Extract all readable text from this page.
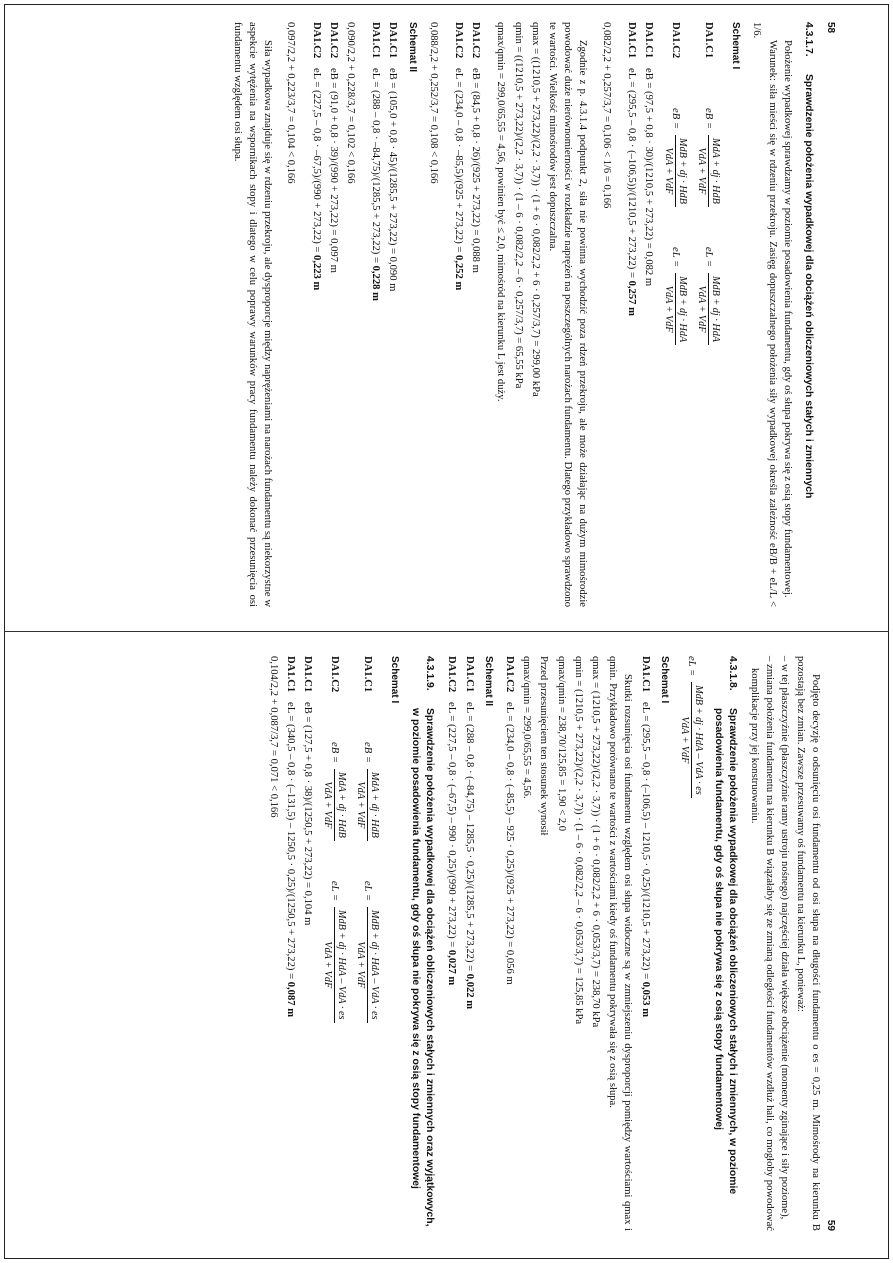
58
4.3.1.7.
Sprawdzenie położenia wypadkowej dla obciążeń obliczeniowych stałych i zmiennych

Położenie wypadkowej sprawdzamy w poziomie posadowienia fundamentu, gdy oś słupa pokrywa się z osią stopy fundamentowej.

Warunek: siła mieści się w rdzeniu przekroju. Zasięg dopuszczalnego położenia siły wypadkowej określa zależność eB/B + eL/L < 1/6.

Schemat I
DA1.C1
eB =
MdA + dj · HdB
VdA + VdF
eL =
MdB + dj · HdA
VdA + VdF
DA1.C2
eB =
MdB + dj · HdB
VdA + VdF
eL =
MdB + dj · HdA
VdA + VdF
DA1.C1eB = (97,5 + 0,8 · 30)/(1210,5 + 273,22) = 0,082 m
DA1.C1eL = (295,5 – 0,8 · (–106,5))/(1210,5 + 273,22) = 0,257 m
0,082/2,2 + 0,257/3,7 = 0,106 < 1/6 = 0,166

Zgodnie z p. 4.3.1.4 podpunkt 2, siła nie powinna wychodzić poza rdzeń przekroju, ale może działając na dużym mimośrodzie powodować duże nierównomierności w rozkładzie naprężeń na poszczególnych narożach fundamentu. Dlatego przykładowo sprawdzono te wartości. Wielkość mimośrodów jest dopuszczalna.

qmax = ((1210,5 + 273,22)/(2,2 · 3,7)) · (1 + 6 · 0,082/2,2 + 6 · 0,257/3,7) = 299,00 kPa
qmin = ((1210,5 + 273,22)/(2,2 · 3,7)) · (1 – 6 · 0,082/2,2 – 6 · 0,257/3,7) = 65,55 kPa
qmax/qmin = 299,0/65,55 = 4,56, powinien być ≤ 2,0, mimośród na kierunku L jest duży.
DA1.C2eB = (84,5 + 0,8 · 26)/(925 + 273,22) = 0,088 m
DA1.C2eL = (234,0 – 0,8 · –85,5)/(925 + 273,22) = 0,252 m
0,088/2,2 + 0,252/3,7 = 0,108 < 0,166
Schemat II
DA1.C1eB = (105,0 + 0,8 · 45)/(1285,5 + 273,22) = 0,090 m
DA1.C1eL = (288 – 0,8 · –84,75)/(1285,5 + 273,22) = 0,228 m
0,090/2,2 + 0,228/3,7 = 0,102 < 0,166
DA1.C2eB = (91,0 + 0,8 · 39)/(990 + 273,22) = 0,097 m
DA1.C2eL = (227,5 – 0,8 · –67,5)/(990 + 273,22) = 0,223 m
0,097/2,2 + 0,223/3,7 = 0,104 < 0,166

Siła wypadkowa znajduje się w rdzeniu przekroju, ale dysproporcje między naprężeniami na narożach fundamentu są niekorzystne w aspekcie wytężenia na wspornikach stopy i dlatego w celu poprawy warunków pracy fundamentu należy dokonać przesunięcia osi fundamentu względem osi słupa.

59

Podjęto decyzję o odsunięciu osi fundamentu od osi słupa na długości fundamentu o es = 0,25 m. Mimośrody na kierunku B pozostają bez zmian. Zawsze przesuwamy oś fundamentu na kierunku L, ponieważ:

– w tej płaszczyźnie (płaszczyźnie ramy ustroju nośnego) najczęściej działa większe obciążenie (momenty zginające i siły poziome),
– zmiana położenia fundamentu na kierunku B wiązałaby się ze zmianą odległości fundamentów wzdłuż hali, co mogłoby powodować komplikacje przy jej konstruowaniu.
4.3.1.8.
Sprawdzenie położenia wypadkowej dla obciążeń obliczeniowych stałych i zmiennych, w poziomie posadowienia fundamentu, gdy oś słupa nie pokrywa się z osią stopy fundamentowej
eL =
MdB + dj · HdA – VdA · es
VdA + VdF
Schemat I
DA1.C1eL = (295,5 – 0,8 · (–106,5) – 1210,5 · 0,25)/(1210,5 + 273,22) = 0,053 m

Skutki rozsunięcia osi fundamentu względem osi słupa widoczne są w zmniejszeniu dysproporcji pomiędzy wartościami qmax i qmin. Przykładowo porównano te wartości z wartościami kiedy oś fundamentu pokrywała się z osią słupa.

qmax = (1210,5 + 273,22)/(2,2 · 3,7)) · (1 + 6 · 0,082/2,2 + 6 · 0,053/3,7) = 238,70 kPa
qmin = (1210,5 + 273,22)/(2,2 · 3,7)) · (1 – 6 · 0,082/2,2 – 6 · 0,053/3,7) = 125,85 kPa
qmax/qmin = 238,70/125,85 = 1,90 < 2,0
Przed przesunięciem ten stosunek wynosił
qmax/qmin = 299,0/65,55 = 4,56.
DA1.C2eL = (234,0 – 0,8 · (–85,5) – 925 · 0,25)/(925 + 273,22) = 0,056 m
Schemat II
DA1.C1eL = (288 – 0,8 · (–84,75) – 1285,5 · 0,25)/(1285,5 + 273,22) = 0,022 m
DA1.C2eL = (227,5 – 0,8 · (–67,5) – 990 · 0,25)/(990 + 273,22) = 0,027 m
4.3.1.9.
Sprawdzenie położenia wypadkowej dla obciążeń obliczeniowych stałych i zmiennych oraz wyjątkowych, w poziomie posadowienia fundamentu, gdy oś słupa nie pokrywa się z osią stopy fundamentowej
Schemat I
DA1.C1
eB =
MdA + dj · HdB
VdA + VdF
eL =
MdB + dj · HdA – VdA · es
VdA + VdF
DA1.C2
eB =
MdA + dj · HdB
VdA + VdF
eL =
MdB + dj · HdA – VdA · es
VdA + VdF
DA1.C1eB = (127,5 + 0,8 · 38)/(1250,5 + 273,22) = 0,104 m
DA1.C1eL = (340,5 – 0,8 · (–131,5) – 1250,5 · 0,25)/(1250,5 + 273,22) = 0,087 m
0,104/2,2 + 0,087/3,7 = 0,071 < 0,166
